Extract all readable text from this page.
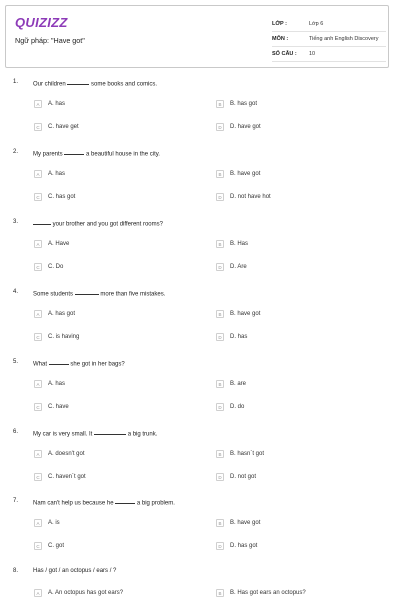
QUIZIZZ
Ngữ pháp: "Have got"
LỚP :	Lớp 6
MÔN :	Tiếng anh English Discovery
SỐ CÂU :	10
1. Our children	some books and comics.
A	A. has	B	B. has got
C	C. have get	D	D. have got
2. My parents	a beautiful house in the city.
A	A. has	B	B. have got
C	C. has got	D	D. not have hot
3.	your brother and you got different rooms?
A	A. Have	B	B. Has
C	C. Do	D	D. Are
4. Some students	more than five mistakes.
A	A. has got	B	B. have got
C	C. is having	D	D. has
5. What	she got in her bags?
A	A. has	B	B. are
C	C. have	D	D. do
6. My car is very small. It	a big trunk.
A	A. doesn't got	B	B. hasn´t got
C	C. haven´t got	D	D. not got
7. Nam can't help us because he	a big problem.
A	A. is	B	B. have got
C	C. got	D	D. has got
8. Has / got / an octopus / ears / ?
A	A. An octopus has got ears?	B	B. Has got ears an octopus?
